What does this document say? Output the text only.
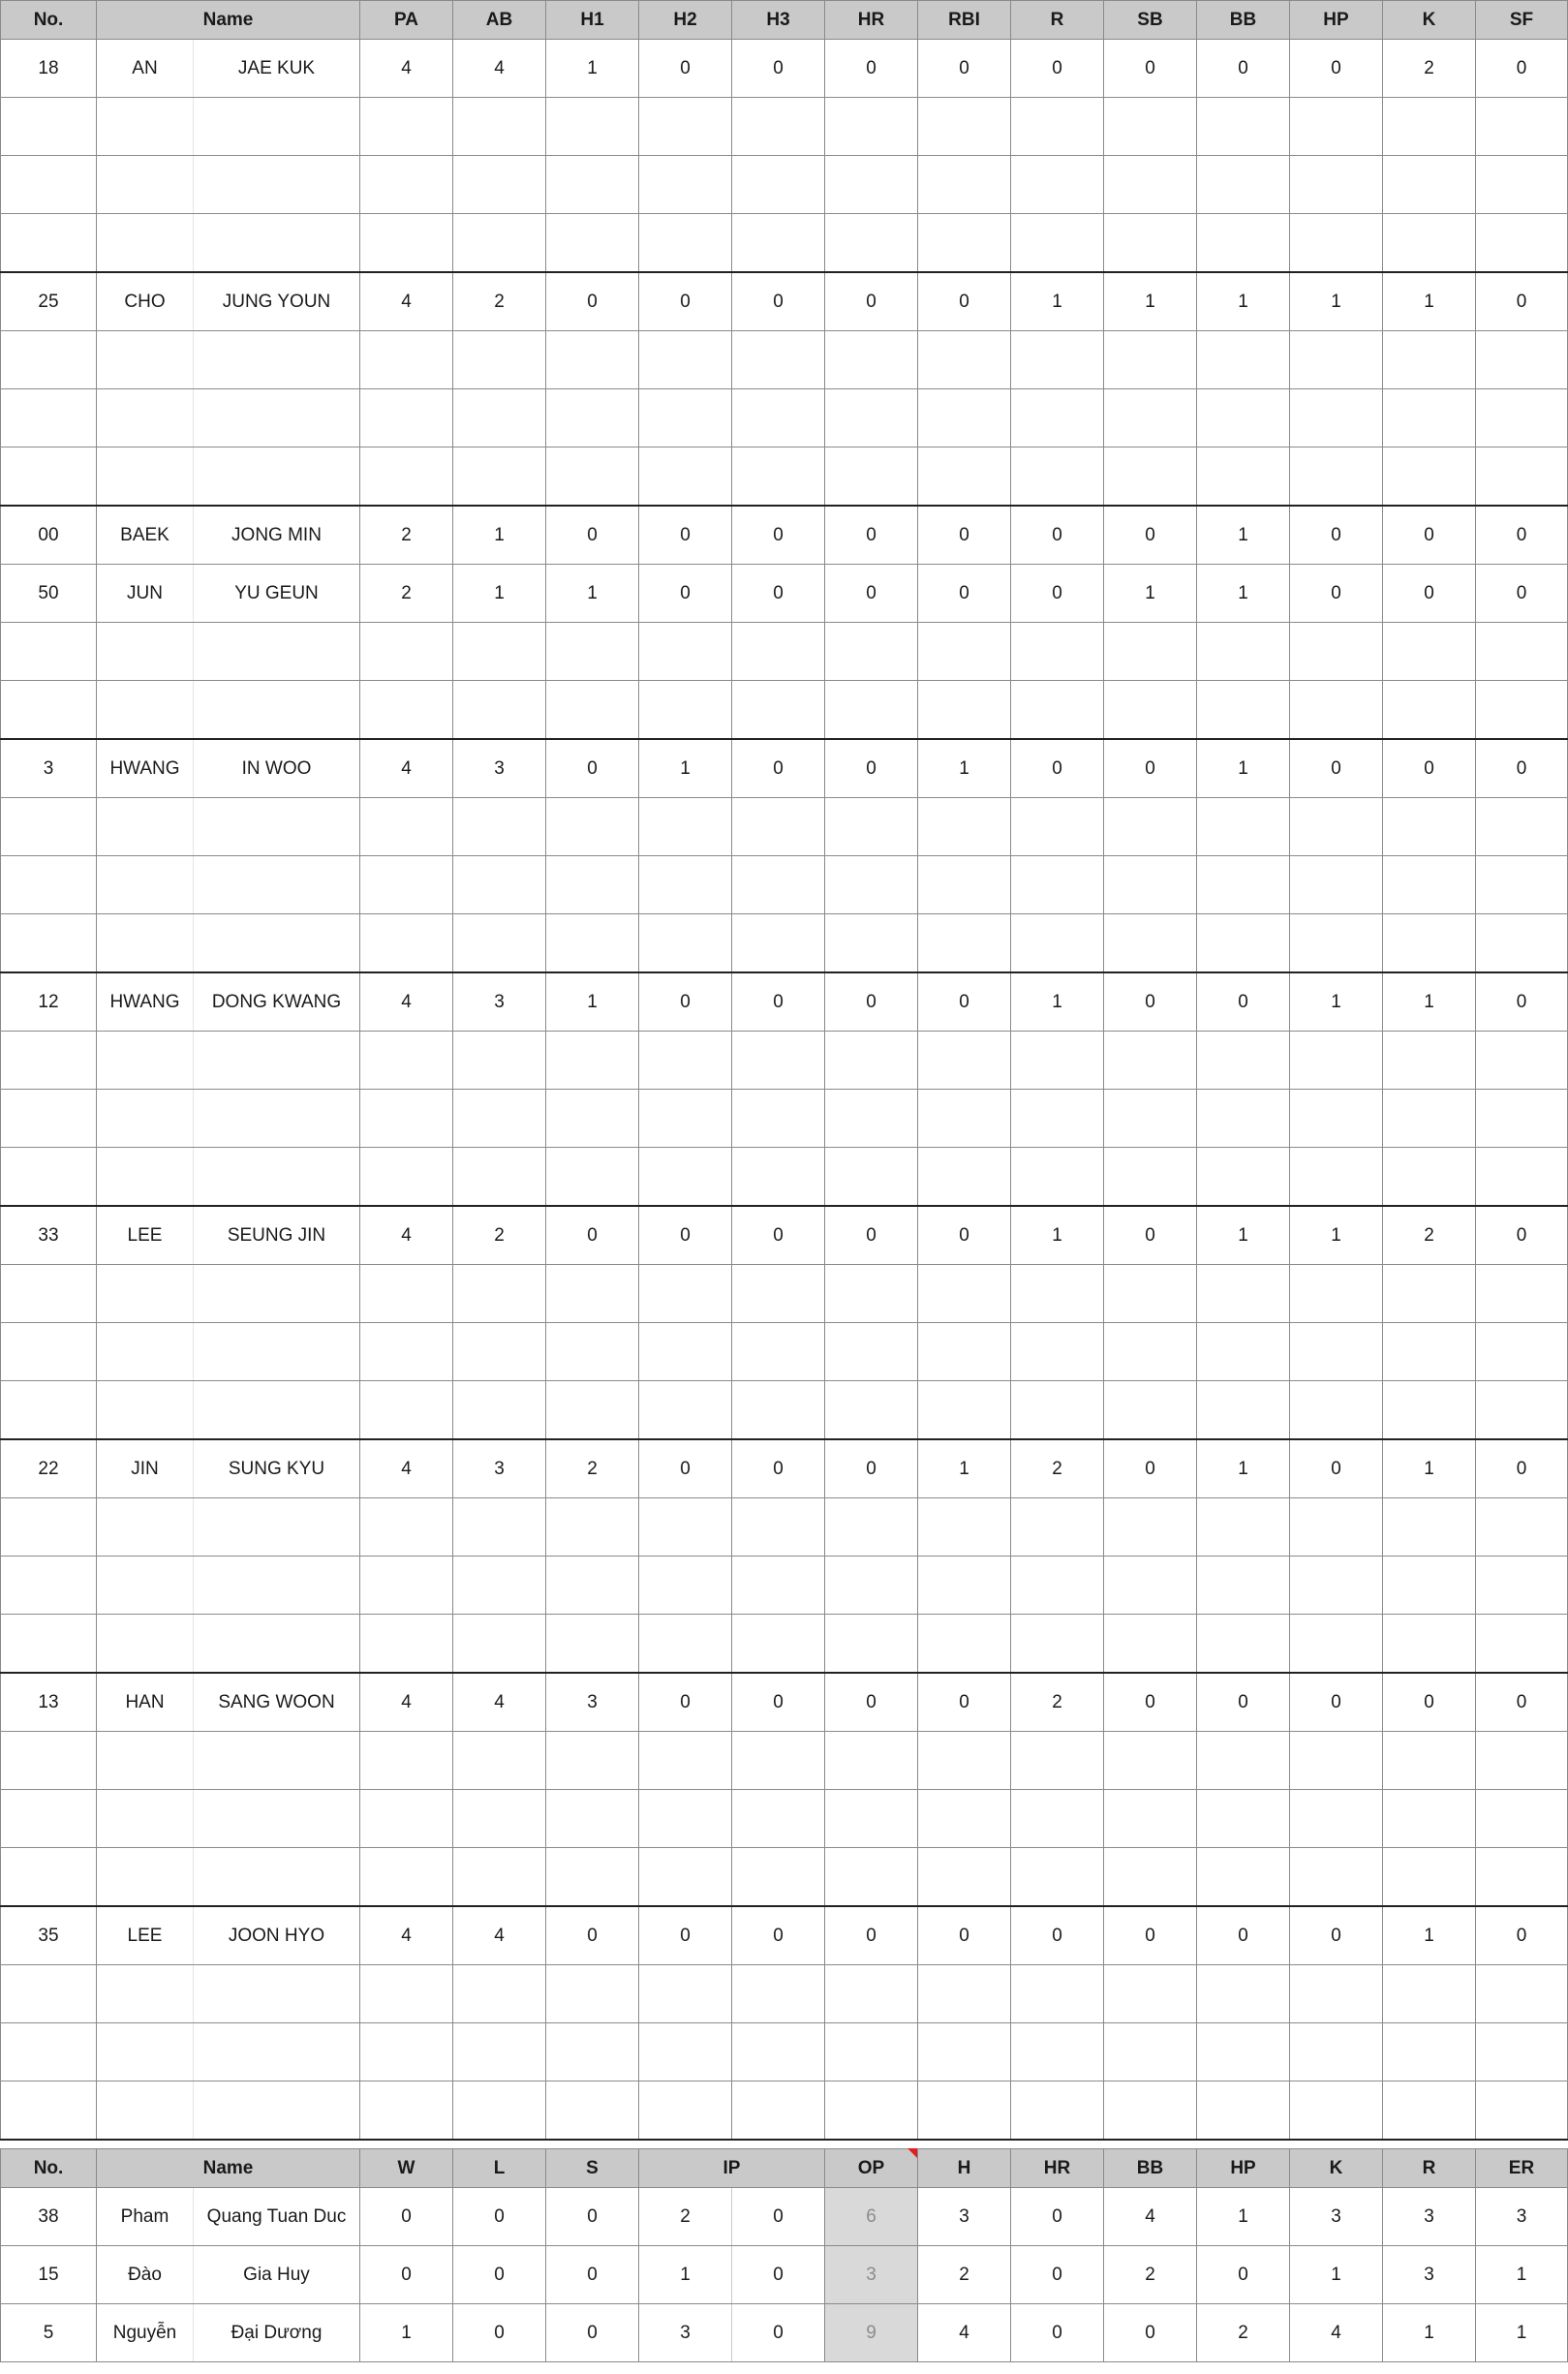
No.	Name		PA	AB	H1	H2	H3	HR	RBI	R	SB	BB	HP	K	SF
18	AN	JAE KUK	4	4	1	0	0	0	0	0	0	0	0	2	0

25	CHO	JUNG YOUN	4	2	0	0	0	0	0	1	1	1	1	1	0

00	BAEK	JONG MIN	2	1	0	0	0	0	0	0	0	1	0	0	0
50	JUN	YU GEUN	2	1	1	0	0	0	0	0	1	1	0	0	0

3	HWANG	IN WOO	4	3	0	1	0	0	1	0	0	1	0	0	0

12	HWANG	DONG KWANG	4	3	1	0	0	0	0	1	0	0	1	1	0

33	LEE	SEUNG JIN	4	2	0	0	0	0	0	1	0	1	1	2	0

22	JIN	SUNG KYU	4	3	2	0	0	0	1	2	0	1	0	1	0

13	HAN	SANG WOON	4	4	3	0	0	0	0	2	0	0	0	0	0

35	LEE	JOON HYO	4	4	0	0	0	0	0	0	0	0	0	1	0

No.	Name		W	L	S	IP		OP	H	HR	BB	HP	K	R	ER
38	Pham	Quang Tuan Duc	0	0	0	2	0	6	3	0	4	1	3	3	3
15	Đào	Gia Huy	0	0	0	1	0	3	2	0	2	0	1	3	1
5	Nguyễn	Đại Dương	1	0	0	3	0	9	4	0	0	2	4	1	1
